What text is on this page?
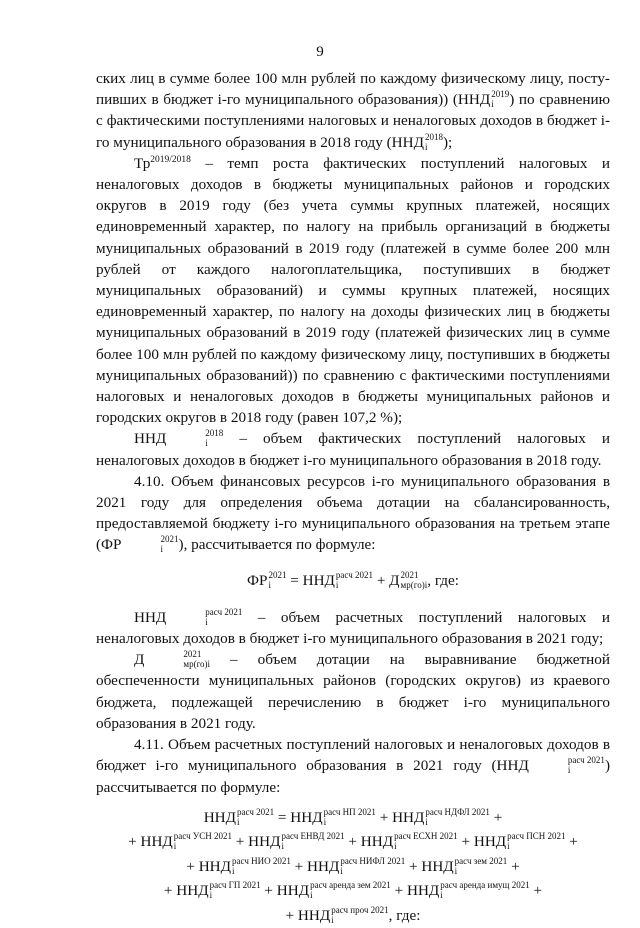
9

ских лиц в сумме более 100 млн рублей по каждому физическому лицу, посту- пивших в бюджет i-го муниципального образования)) (ННД 2019
i	) по сравнению с фактическими поступлениями налоговых и неналоговых доходов в бюджет i-го муниципального образования в 2018 году (ННД 2018
i	);

$Тр^{2019/2018}$ – темп роста фактических поступлений налоговых и неналоговых доходов в бюджеты муниципальных районов и городских округов в 2019 году (без учета суммы крупных платежей, носящих единовременный характер, по налогу на прибыль организаций в бюджеты муниципальных образований в 2019 году (платежей в сумме более 200 млн рублей от каждого налогоплательщика, поступивших в бюджет муниципальных образований) и суммы крупных платежей, носящих единовременный характер, по налогу на доходы физических лиц в бюджеты муниципальных образований в 2019 году (платежей физических лиц в сумме более 100 млн рублей по каждому физическому лицу, поступивших в бюджеты муниципальных образований)) по сравнению с фактическими поступлениями налоговых и неналоговых доходов в бюджеты муниципальных районов и городских округов в 2018 году (равен 107,2 %);

ННД	2018
i	– объем фактических поступлений налоговых и неналоговых доходов в бюджет i-го муниципального образования в 2018 году.

4.10. Объем финансовых ресурсов i-го муниципального образования в 2021 году для определения объема дотации на сбалансированность, предоставляемой бюджету i-го муниципального образования на третьем этапе (ФР	2021
i	), рассчитывается по формуле:

ФР 2021
i	= ННД расч 2021
i	+ Д 2021
мр(го)i , где:

ННД	расч 2021
i	– объем расчетных поступлений налоговых и неналоговых доходов в бюджет i-го муниципального образования в 2021 году;

Д	2021
мр(го)i – объем дотации на выравнивание бюджетной обеспеченности муниципальных районов (городских округов) из краевого бюджета, подлежащей перечислению в бюджет i-го муниципального образования в 2021 году.

4.11. Объем расчетных поступлений налоговых и неналоговых доходов в бюджет i-го муниципального образования в 2021 году (ННД	расч 2021
i	) рассчитывается по формуле:

ННД расч 2021
i	= ННД расч НП 2021
i	+ ННД расч НДФЛ 2021
i	+
+ ННД расч УСН 2021
i	+ ННД расч ЕНВД 2021
i	+ ННД расч ЕСХН 2021
i	+ ННД расч ПСН 2021
i	+
+ ННД расч НИО 2021
i	+ ННД расч НИФЛ 2021
i	+ ННД расч зем 2021
i	+
+ ННД расч ГП 2021
i	+ ННД расч аренда зем 2021
i	+ ННД расч аренда имущ 2021
i	+
+ ННД расч проч 2021
i	, где:
